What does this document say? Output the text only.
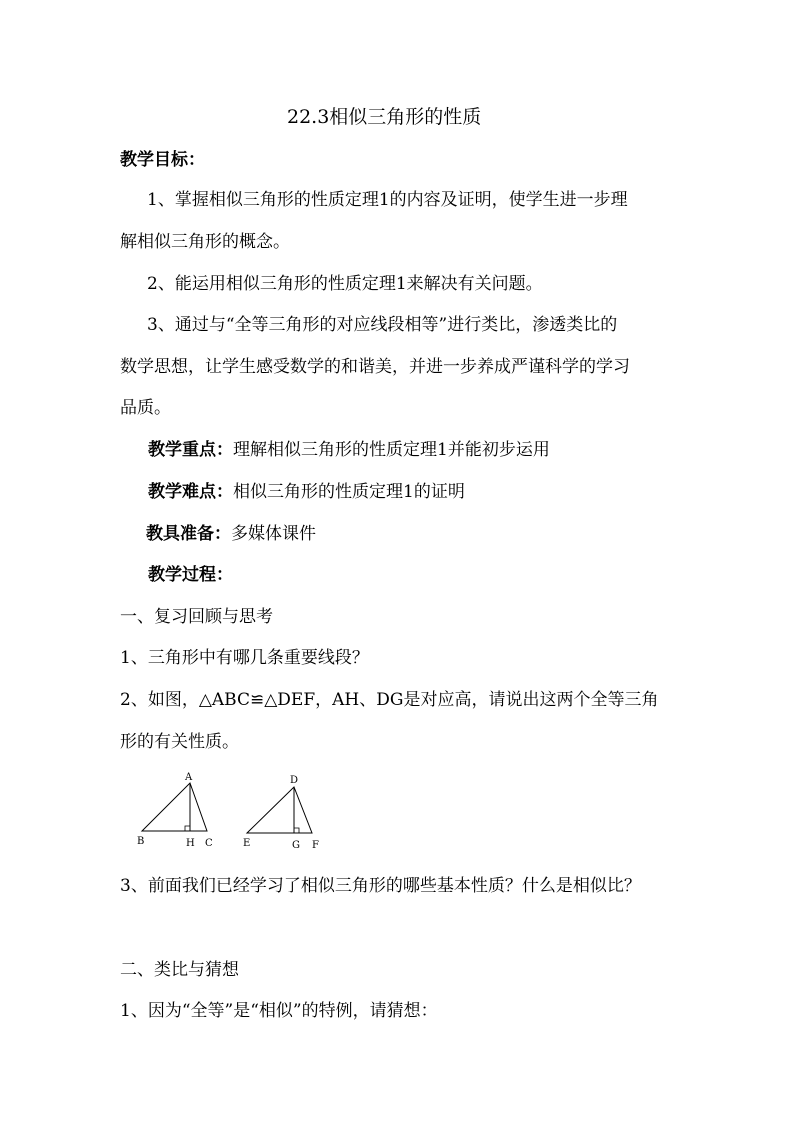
22.3相似三角形的性质
教学目标：
1、掌握相似三角形的性质定理1的内容及证明，使学生进一步理
解相似三角形的概念。
2、能运用相似三角形的性质定理1来解决有关问题。
3、通过与“全等三角形的对应线段相等”进行类比，渗透类比的
数学思想，让学生感受数学的和谐美，并进一步养成严谨科学的学习
品质。
教学重点：理解相似三角形的性质定理1并能初步运用
教学难点：相似三角形的性质定理1的证明
教具准备：多媒体课件
教学过程：
一、复习回顾与思考
1、三角形中有哪几条重要线段？
2、如图，△ABC≌△DEF，AH、DG是对应高，请说出这两个全等三角
形的有关性质。
A
B	H C
D
E	G F
3、前面我们已经学习了相似三角形的哪些基本性质？什么是相似比？
二、类比与猜想
1、因为“全等”是“相似”的特例，请猜想：
